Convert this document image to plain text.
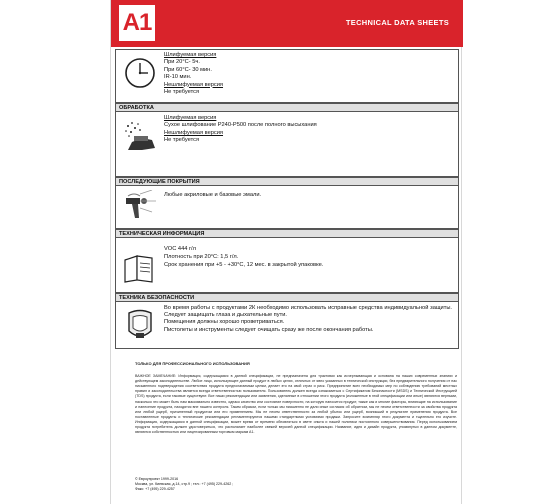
A1	TECHNICAL DATA SHEETS
Шлифуемая версия
При 20°C- 5ч.
При 60°C- 30 мин.
IR-10 мин.
Нешлифуемая версия
Не требуется
ОБРАБОТКА
Шлифуемая версия
Сухое шлифование P240-P500 после полного высыхания
Нешлифуемая версия
Не требуется
ПОСЛЕДУЮЩИЕ ПОКРЫТИЯ
Любые акриловые и базовые эмали.
ТЕХНИЧЕСКАЯ ИНФОРМАЦИЯ
VOC 444 г/л
Плотность при 20°С: 1,5 г/л.
Срок хранения при +5 - +30°С, 12 мес. в закрытой упаковке.
ТЕХНИКА БЕЗОПАСНОСТИ
Во время работы с продуктами 2К необходимо использовать исправные средства индивидуальной защиты. Следует защищать глаза и дыхательные пути.
Помещения должны хорошо проветриваться.
Пистолеты и инструменты следует очищать сразу же после окончания работы.
ТОЛЬКО ДЛЯ ПРОФЕССИОНАЛЬНОГО ИСПОЛЬЗОВАНИЯ
ВАЖНОЕ ЗАМЕЧАНИЕ: Информация, содержащаяся в данной спецификации, не предназначена для трактовки как исчерпывающая и основана на наших современных знаниях и действующем законодательстве. Любое лицо, использующее данный продукт в любых целях, отличных от явно указанных в технической инструкции, без предварительного получения от нас письменного подтверждения соответствия продукта предполагаемым целям, делает это на свой страх и риск. Предпринятие всех необходимых мер по соблюдению требований местных правил и законодательства является всегда ответственностью пользователя. Пользователь должен всегда ознакомиться с Сертификатом Безопасности (MSDS) и Технической Инструкцией (TDS) продукта, если таковые существуют. Все наши рекомендации или заявления, сделанные в отношении этого продукта (изложенные в этой спецификации или иные) являются верными, насколько это может быть нам максимально известно, однако качество или состояние поверхности, на которую наносится продукт, также как и многие факторы, влияющие на использование и нанесение продукта, находятся вне нашего контроля. Таким образом, если только мы письменно не дали иные согласия об обратном, мы не несем ответственности за свойства продукта или любой ущерб, причиненный продуктом или его применением. Мы не несем ответственности за любой убыток или ущерб, возникший в результате применения продукта. Все поставленные продукты и технические рекомендации регламентируются нашими стандартными условиями продажи. Запросите экземпляр этого документа и тщательно его изучите. Информация, содержащаяся в данной спецификации, может время от времени обновляться в свете опыта и нашей политики постоянного совершенствования. Перед использованием продукта потребитель должен удостовериться, что располагает наиболее свежей версией данной спецификации. Название, идея и дизайн продукта, упомянутых в данном документе, являются собственностью или лицензированным торговым маркам A1.
© Евроупроект 1999-2016
Москва, ул. Киевская, д.14, стр.9 ; тел.: +7 (495) 229-4262 ;
Факс: +7 (495) 229-4257
